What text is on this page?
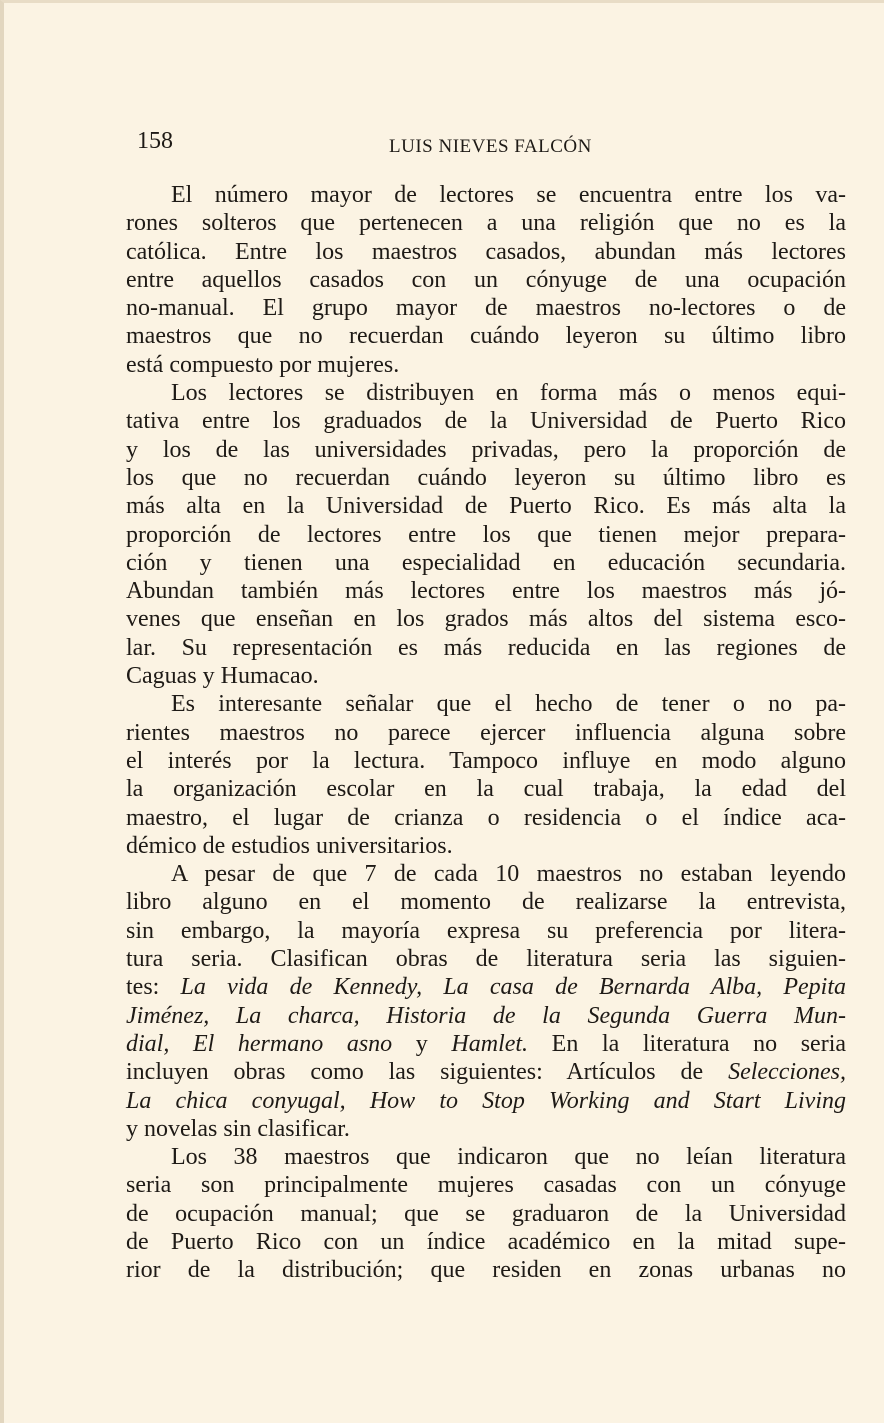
158	LUIS NIEVES FALCÓN
El número mayor de lectores se encuentra entre los va-
rones solteros que pertenecen a una religión que no es la
católica. Entre los maestros casados, abundan más lectores
entre aquellos casados con un cónyuge de una ocupación
no-manual. El grupo mayor de maestros no-lectores o de
maestros que no recuerdan cuándo leyeron su último libro
está compuesto por mujeres.
Los lectores se distribuyen en forma más o menos equi-
tativa entre los graduados de la Universidad de Puerto Rico
y los de las universidades privadas, pero la proporción de
los que no recuerdan cuándo leyeron su último libro es
más alta en la Universidad de Puerto Rico. Es más alta la
proporción de lectores entre los que tienen mejor prepara-
ción y tienen una especialidad en educación secundaria.
Abundan también más lectores entre los maestros más jó-
venes que enseñan en los grados más altos del sistema esco-
lar. Su representación es más reducida en las regiones de
Caguas y Humacao.
Es interesante señalar que el hecho de tener o no pa-
rientes maestros no parece ejercer influencia alguna sobre
el interés por la lectura. Tampoco influye en modo alguno
la organización escolar en la cual trabaja, la edad del
maestro, el lugar de crianza o residencia o el índice aca-
démico de estudios universitarios.
A pesar de que 7 de cada 10 maestros no estaban leyendo
libro alguno en el momento de realizarse la entrevista,
sin embargo, la mayoría expresa su preferencia por litera-
tura seria. Clasifican obras de literatura seria las siguien-
tes: La vida de Kennedy, La casa de Bernarda Alba, Pepita
Jiménez, La charca, Historia de la Segunda Guerra Mun-
dial, El hermano asno y Hamlet. En la literatura no seria
incluyen obras como las siguientes: Artículos de Selecciones,
La chica conyugal, How to Stop Working and Start Living
y novelas sin clasificar.
Los 38 maestros que indicaron que no leían literatura
seria son principalmente mujeres casadas con un cónyuge
de ocupación manual; que se graduaron de la Universidad
de Puerto Rico con un índice académico en la mitad supe-
rior de la distribución; que residen en zonas urbanas no
